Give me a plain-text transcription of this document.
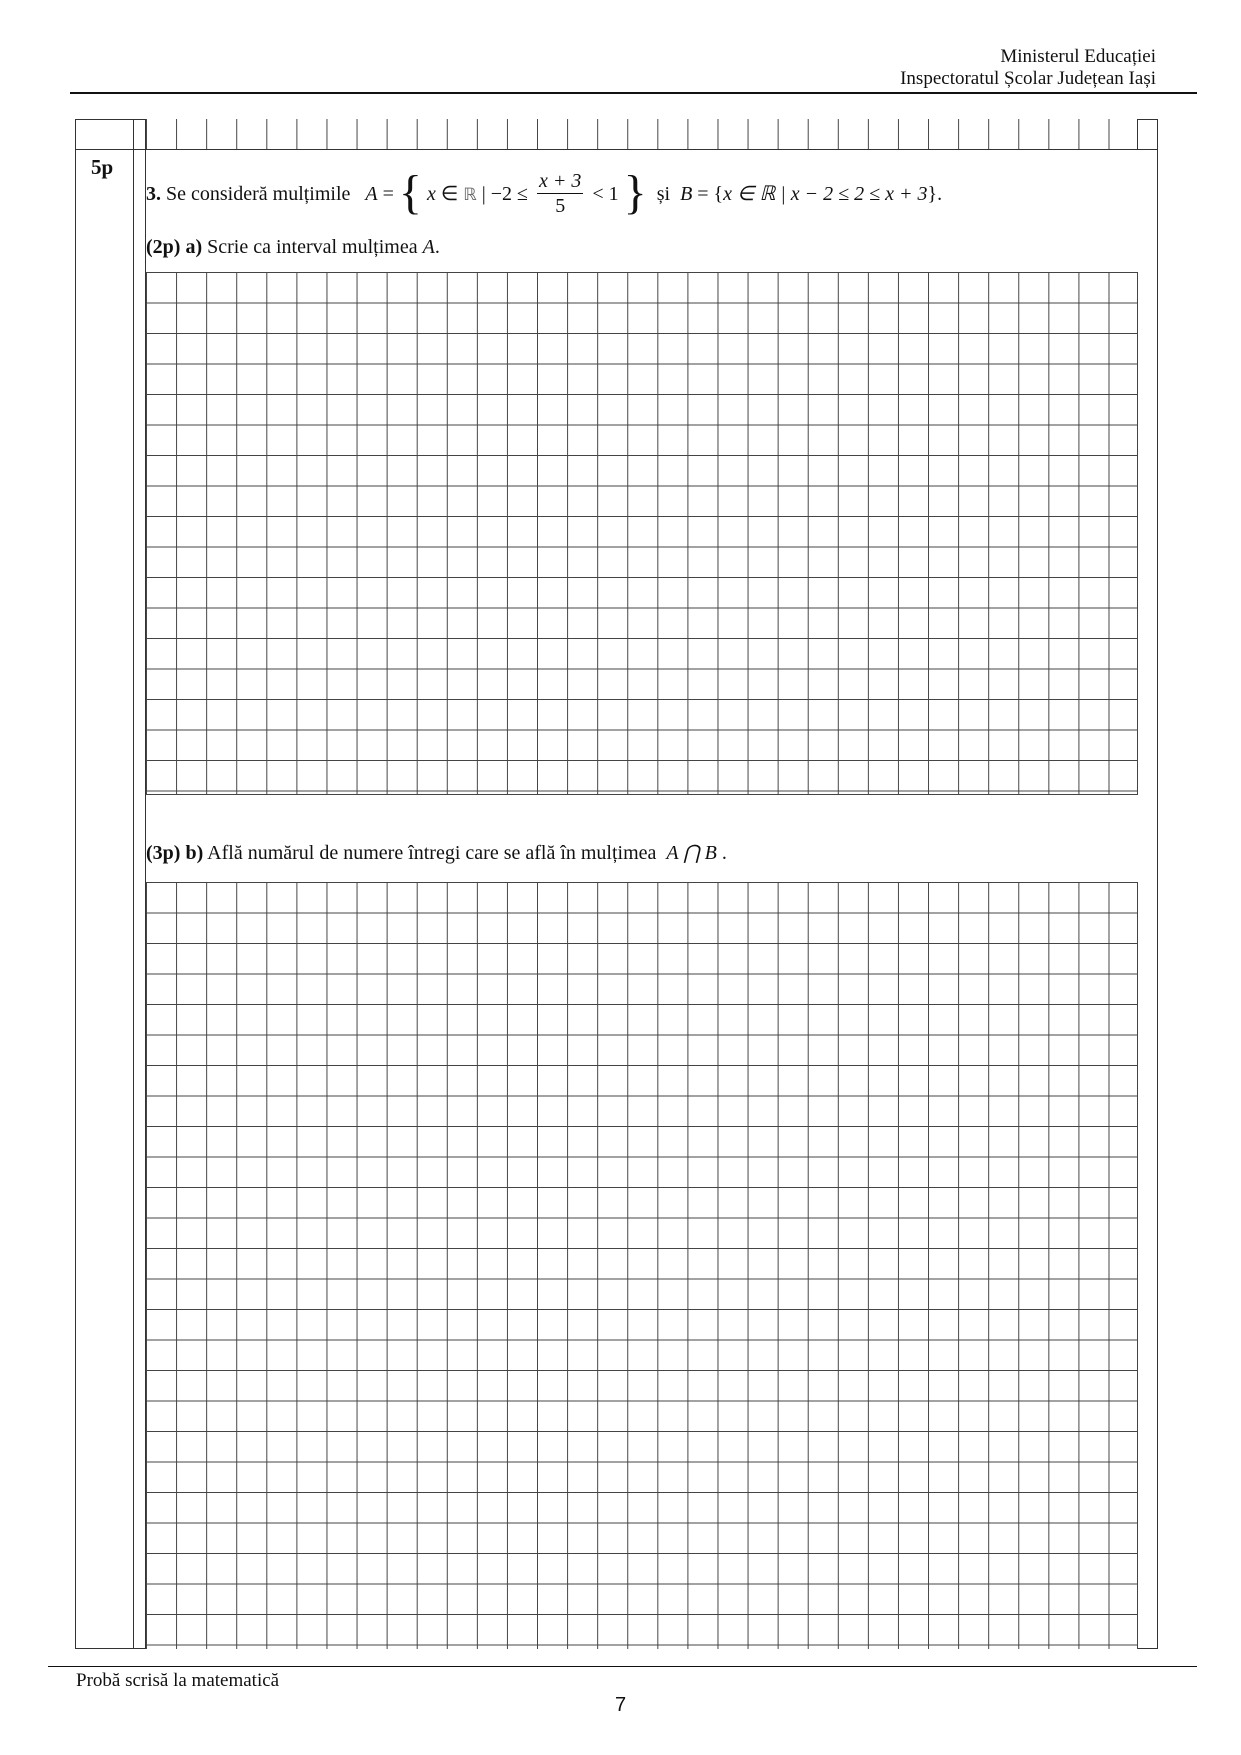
Ministerul Educației
Inspectoratul Școlar Județean Iași
5p
3. Se consideră mulțimile A = { x ∈ ℝ | $-2 \le \frac{x + 3}{5} < 1$ } și B = {x ∈ ℝ | x − 2 ≤ 2 ≤ x + 3}.
(2p) a) Scrie ca interval mulțimea A.
(3p) b) Află numărul de numere întregi care se află în mulțimea A ⋂ B .
Probă scrisă la matematică
7
